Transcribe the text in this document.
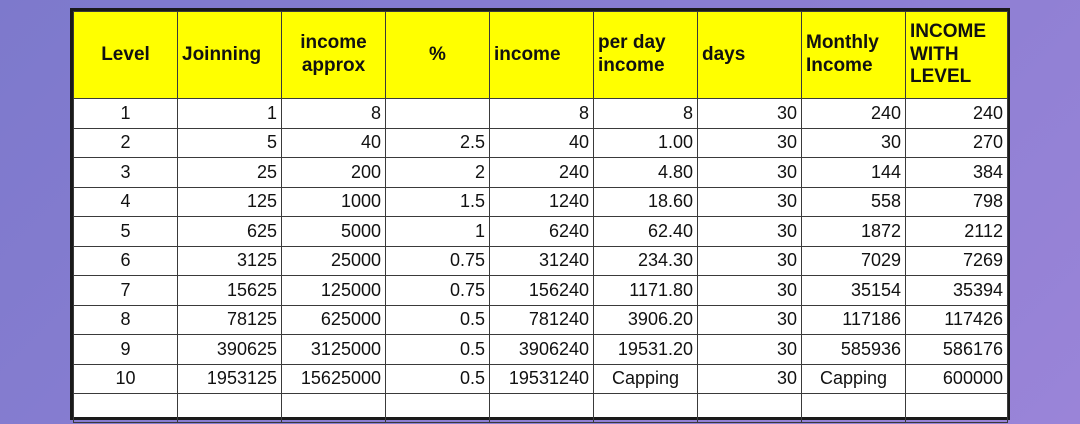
Level	Joinning	income approx	%	income	per day income	days	Monthly Income	INCOME WITH LEVEL
1	1	8		8	8	30	240	240
2	5	40	2.5	40	1.00	30	30	270
3	25	200	2	240	4.80	30	144	384
4	125	1000	1.5	1240	18.60	30	558	798
5	625	5000	1	6240	62.40	30	1872	2112
6	3125	25000	0.75	31240	234.30	30	7029	7269
7	15625	125000	0.75	156240	1171.80	30	35154	35394
8	78125	625000	0.5	781240	3906.20	30	117186	117426
9	390625	3125000	0.5	3906240	19531.20	30	585936	586176
10	1953125	15625000	0.5	19531240	Capping	30	Capping	600000
